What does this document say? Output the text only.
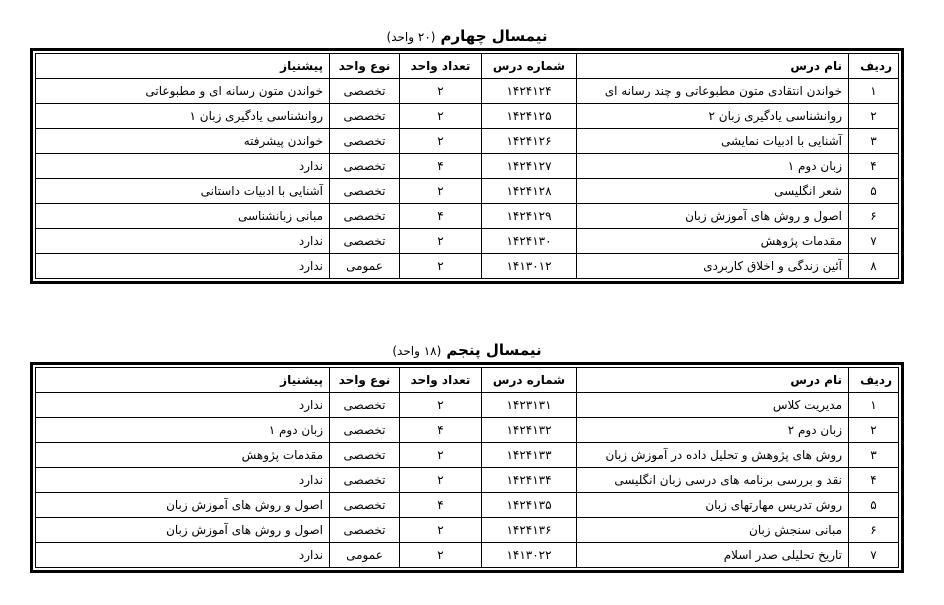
نیمسال چهارم (۲۰ واحد)
ردیف	نام درس	شماره درس	تعداد واحد	نوع واحد	پیشنیاز
۱	خواندن انتقادی متون مطبوعاتی و چند رسانه ای	۱۴۲۴۱۲۴	۲	تخصصی	خواندن متون رسانه ای و مطبوعاتی
۲	روانشناسی یادگیری زبان ۲	۱۴۲۴۱۲۵	۲	تخصصی	روانشناسی یادگیری زبان ۱
۳	آشنایی با ادبیات نمایشی	۱۴۲۴۱۲۶	۲	تخصصی	خواندن پیشرفته
۴	زبان دوم ۱	۱۴۲۴۱۲۷	۴	تخصصی	ندارد
۵	شعر انگلیسی	۱۴۲۴۱۲۸	۲	تخصصی	آشنایی با ادبیات داستانی
۶	اصول و روش های آموزش زبان	۱۴۲۴۱۲۹	۴	تخصصی	مبانی زبانشناسی
۷	مقدمات پژوهش	۱۴۲۴۱۳۰	۲	تخصصی	ندارد
۸	آئین زندگی و اخلاق کاربردی	۱۴۱۳۰۱۲	۲	عمومی	ندارد
نیمسال پنجم (۱۸ واحد)
ردیف	نام درس	شماره درس	تعداد واحد	نوع واحد	پیشنیاز
۱	مدیریت کلاس	۱۴۲۳۱۳۱	۲	تخصصی	ندارد
۲	زبان دوم ۲	۱۴۲۴۱۳۲	۴	تخصصی	زبان دوم ۱
۳	روش های پژوهش و تحلیل داده در آموزش زبان	۱۴۲۴۱۳۳	۲	تخصصی	مقدمات پژوهش
۴	نقد و بررسی برنامه های درسی زبان انگلیسی	۱۴۲۴۱۳۴	۲	تخصصی	ندارد
۵	روش تدریس مهارتهای زبان	۱۴۲۴۱۳۵	۴	تخصصی	اصول و روش های آموزش زبان
۶	مبانی سنجش زبان	۱۴۲۴۱۳۶	۲	تخصصی	اصول و روش های آموزش زبان
۷	تاریخ تحلیلی صدر اسلام	۱۴۱۳۰۲۲	۲	عمومی	ندارد
